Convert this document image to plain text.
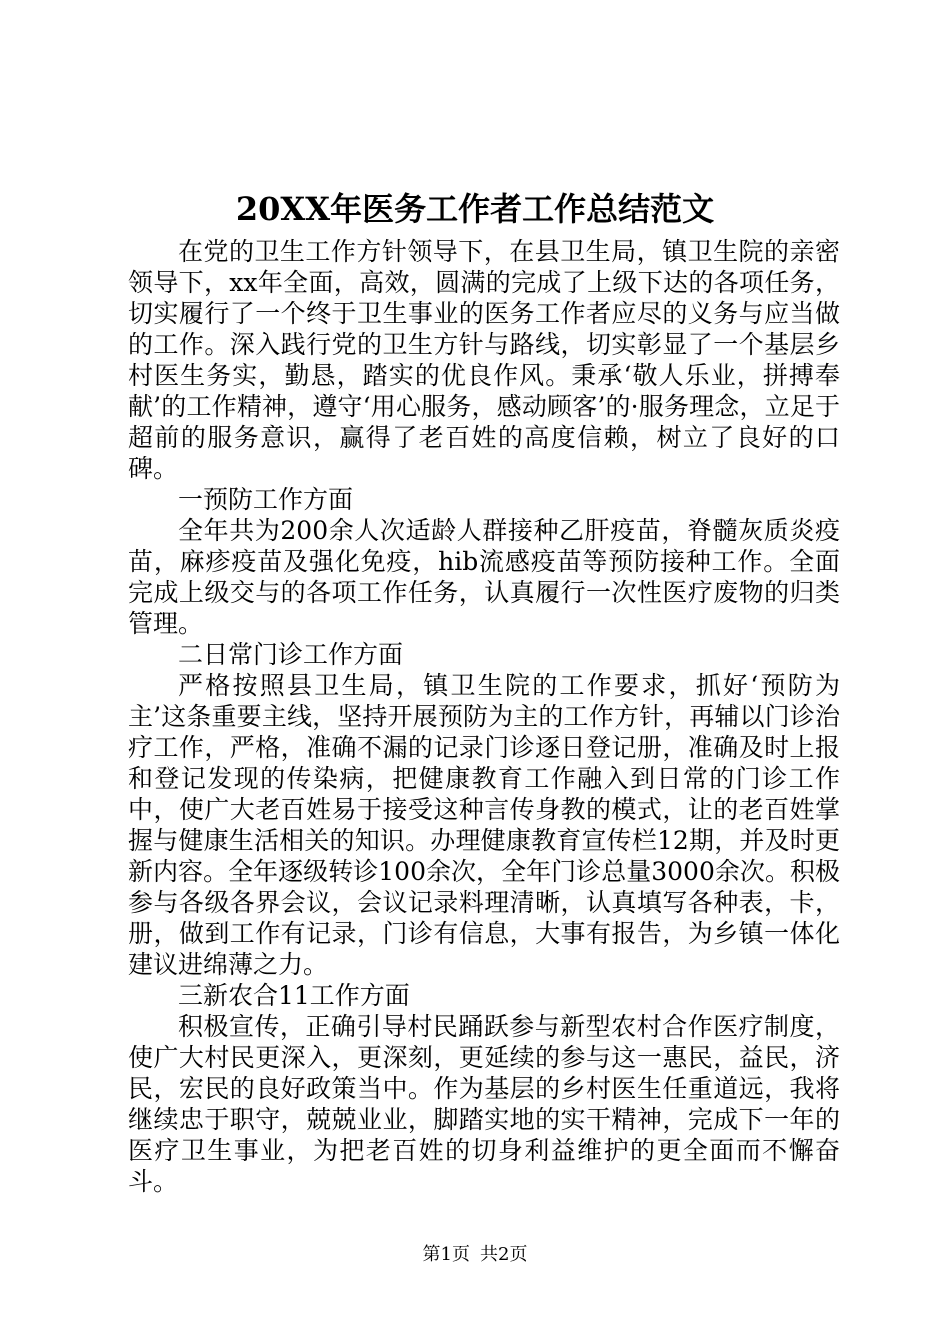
20XX年医务工作者工作总结范文

在党的卫生工作方针领导下，在县卫生局，镇卫生院的亲密领导下，xx年全面，高效，圆满的完成了上级下达的各项任务，切实履行了一个终于卫生事业的医务工作者应尽的义务与应当做的工作。深入践行党的卫生方针与路线，切实彰显了一个基层乡村医生务实，勤恳，踏实的优良作风。秉承‘敬人乐业，拼搏奉献’的工作精神，遵守‘用心服务，感动顾客’的·服务理念，立足于超前的服务意识，赢得了老百姓的高度信赖，树立了良好的口碑。

一预防工作方面

全年共为200余人次适龄人群接种乙肝疫苗，脊髓灰质炎疫苗，麻疹疫苗及强化免疫，hib流感疫苗等预防接种工作。全面完成上级交与的各项工作任务，认真履行一次性医疗废物的归类管理。

二日常门诊工作方面

严格按照县卫生局，镇卫生院的工作要求，抓好‘预防为主’这条重要主线，坚持开展预防为主的工作方针，再辅以门诊治疗工作，严格，准确不漏的记录门诊逐日登记册，准确及时上报和登记发现的传染病，把健康教育工作融入到日常的门诊工作中，使广大老百姓易于接受这种言传身教的模式，让的老百姓掌握与健康生活相关的知识。办理健康教育宣传栏12期，并及时更新内容。全年逐级转诊100余次，全年门诊总量3000余次。积极参与各级各界会议，会议记录料理清晰，认真填写各种表，卡，册，做到工作有记录，门诊有信息，大事有报告，为乡镇一体化建议进绵薄之力。

三新农合11工作方面

积极宣传，正确引导村民踊跃参与新型农村合作医疗制度，使广大村民更深入，更深刻，更延续的参与这一惠民，益民，济民，宏民的良好政策当中。作为基层的乡村医生任重道远，我将继续忠于职守，兢兢业业，脚踏实地的实干精神，完成下一年的医疗卫生事业，为把老百姓的切身利益维护的更全面而不懈奋斗。

第1页 共2页
